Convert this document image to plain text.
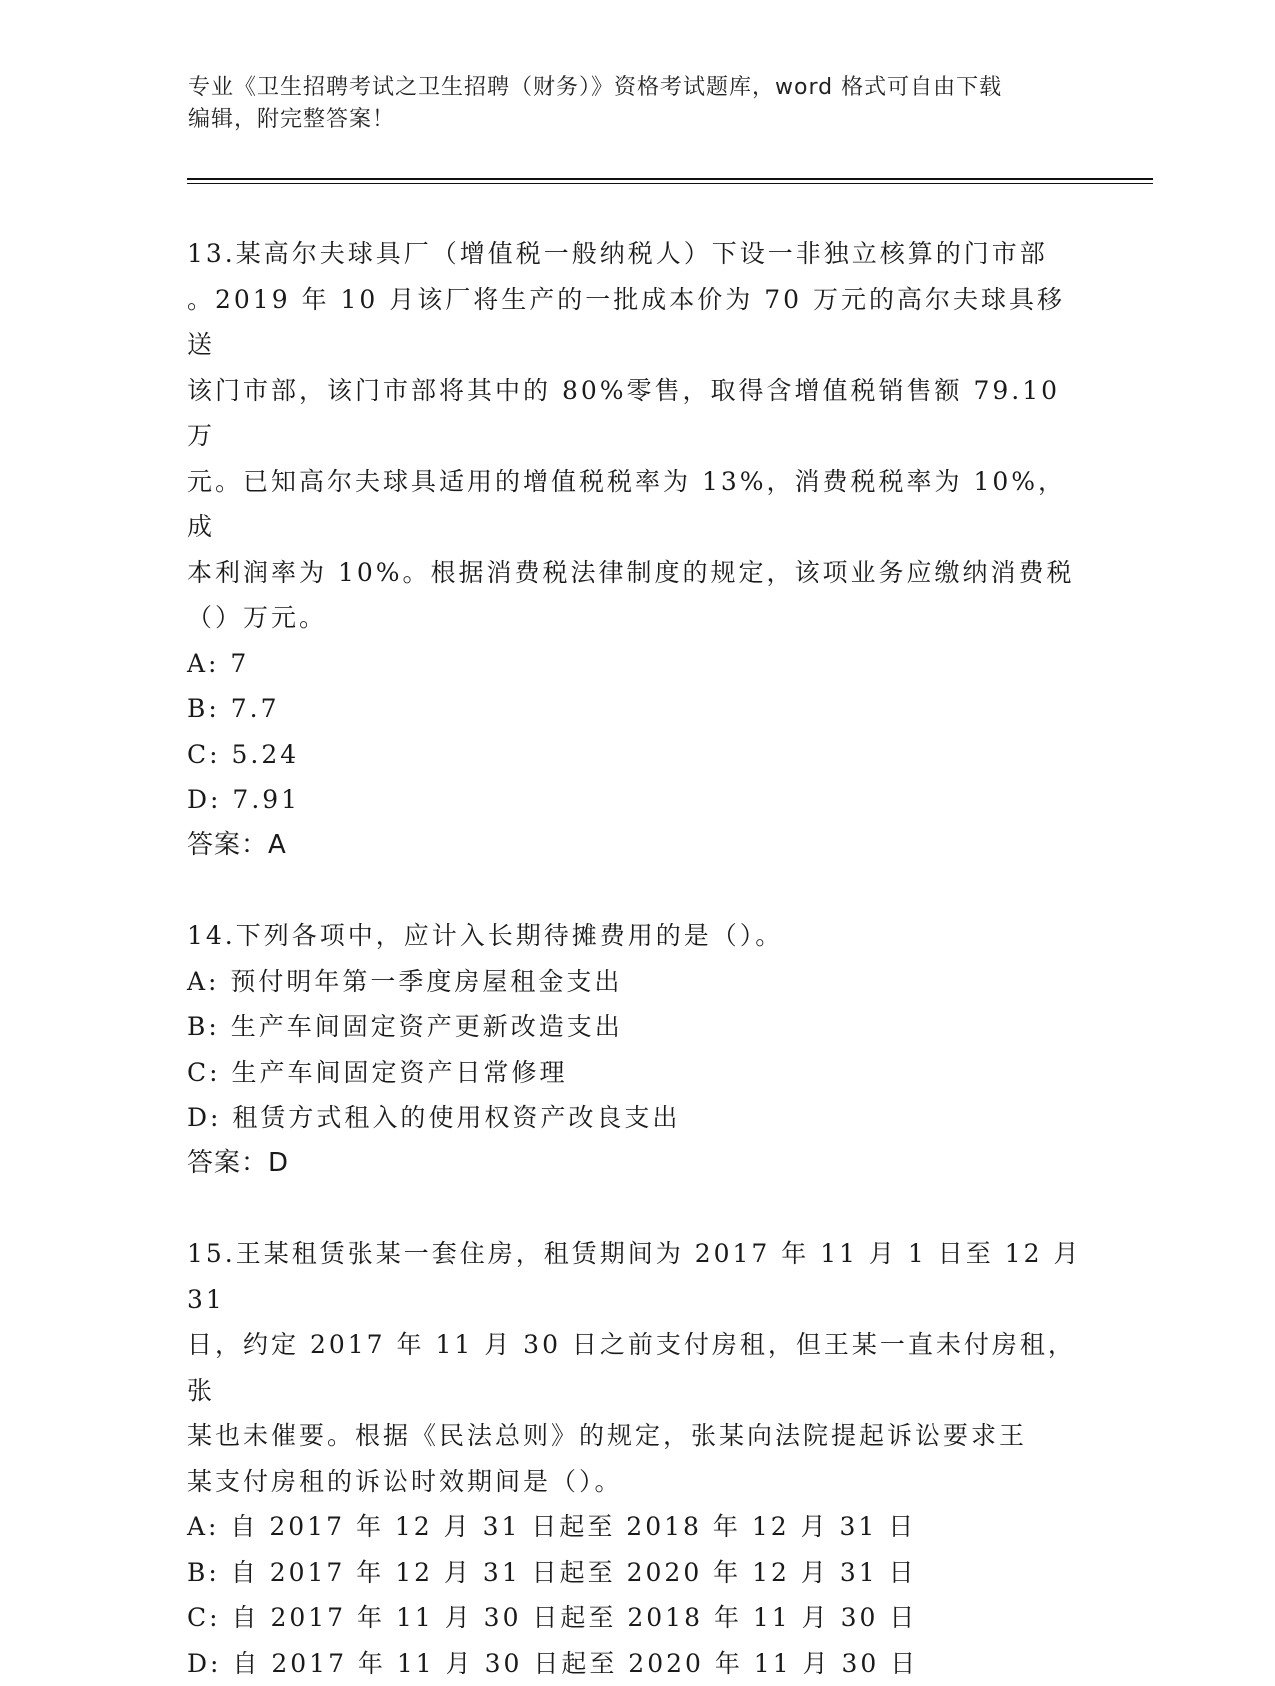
专业《卫生招聘考试之卫生招聘（财务）》资格考试题库，word 格式可自由下载
编辑，附完整答案！
13.某高尔夫球具厂（增值税一般纳税人）下设一非独立核算的门市部
。2019 年 10 月该厂将生产的一批成本价为 70 万元的高尔夫球具移送
该门市部，该门市部将其中的 80%零售，取得含增值税销售额 79.10 万
元。已知高尔夫球具适用的增值税税率为 13%，消费税税率为 10%，成
本利润率为 10%。根据消费税法律制度的规定，该项业务应缴纳消费税
（）万元。
A: 7
B: 7.7
C: 5.24
D: 7.91
答案：A
14.下列各项中，应计入长期待摊费用的是（）。
A: 预付明年第一季度房屋租金支出
B: 生产车间固定资产更新改造支出
C: 生产车间固定资产日常修理
D: 租赁方式租入的使用权资产改良支出
答案：D
15.王某租赁张某一套住房，租赁期间为 2017 年 11 月 1 日至 12 月 31
日，约定 2017 年 11 月 30 日之前支付房租，但王某一直未付房租，张
某也未催要。根据《民法总则》的规定，张某向法院提起诉讼要求王
某支付房租的诉讼时效期间是（）。
A: 自 2017 年 12 月 31 日起至 2018 年 12 月 31 日
B: 自 2017 年 12 月 31 日起至 2020 年 12 月 31 日
C: 自 2017 年 11 月 30 日起至 2018 年 11 月 30 日
D: 自 2017 年 11 月 30 日起至 2020 年 11 月 30 日
